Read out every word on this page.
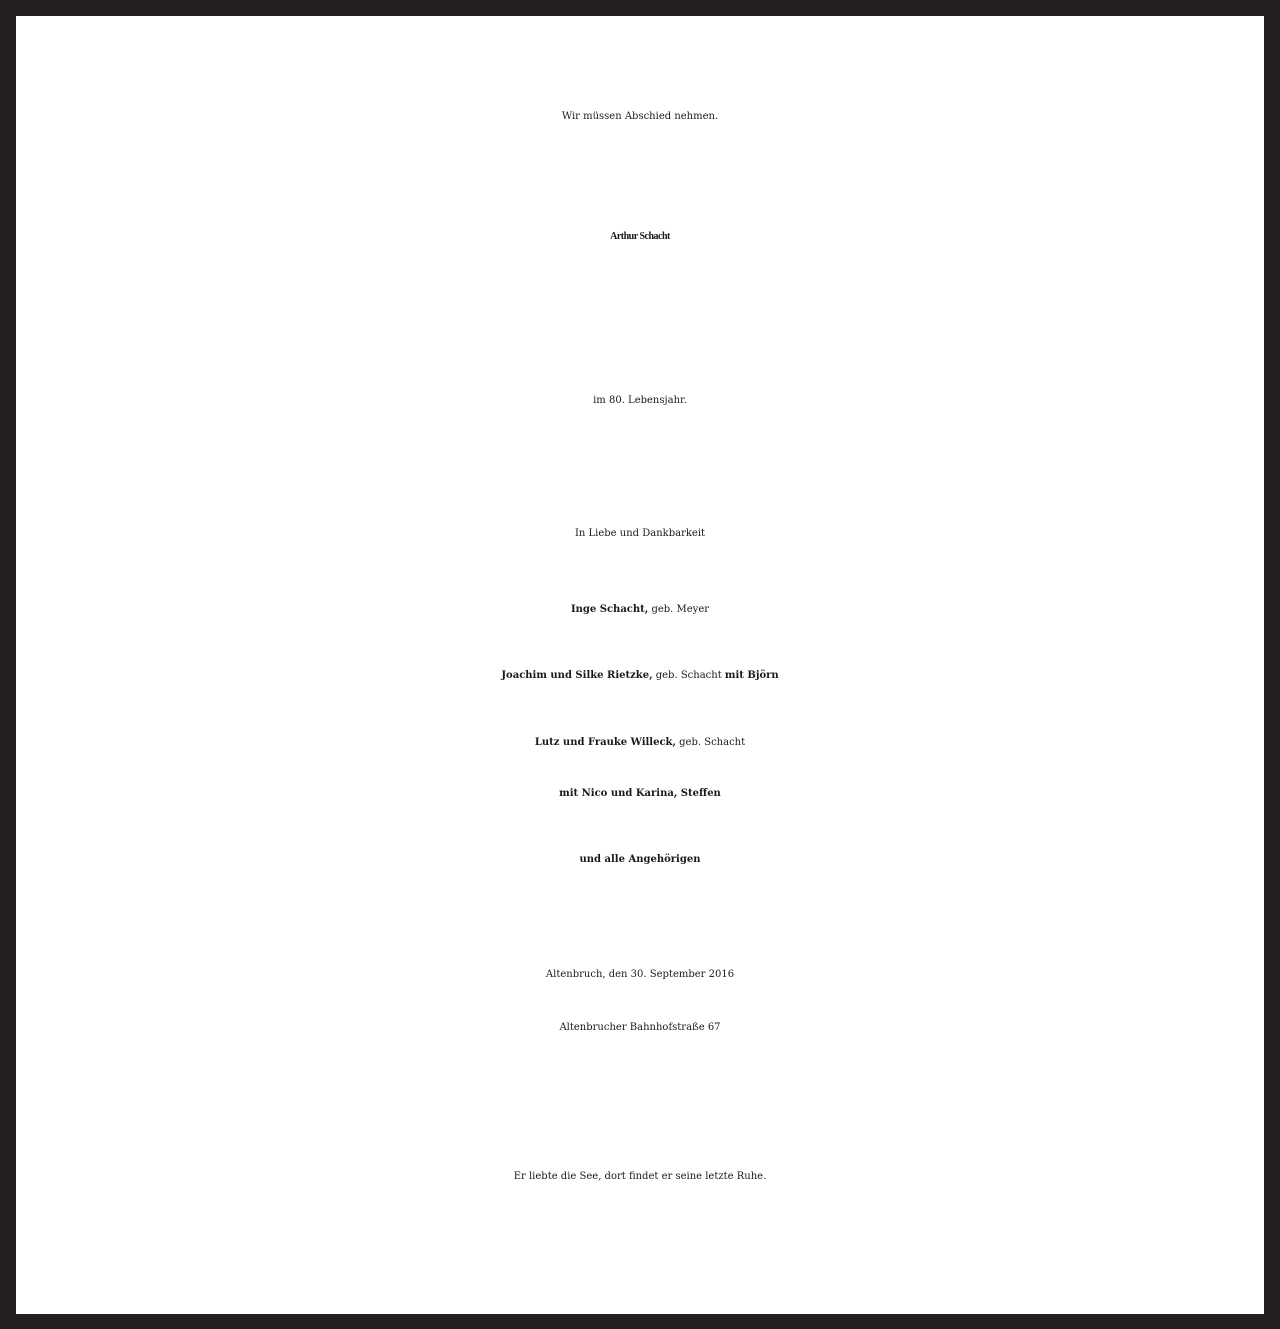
Wir müssen Abschied nehmen.
Arthur Schacht
im 80. Lebensjahr.
In Liebe und Dankbarkeit
Inge Schacht, geb. Meyer
Joachim und Silke Rietzke, geb. Schacht mit Björn
Lutz und Frauke Willeck, geb. Schacht
mit Nico und Karina, Steffen
und alle Angehörigen
Altenbruch, den 30. September 2016
Altenbrucher Bahnhofstraße 67
Er liebte die See, dort findet er seine letzte Ruhe.
